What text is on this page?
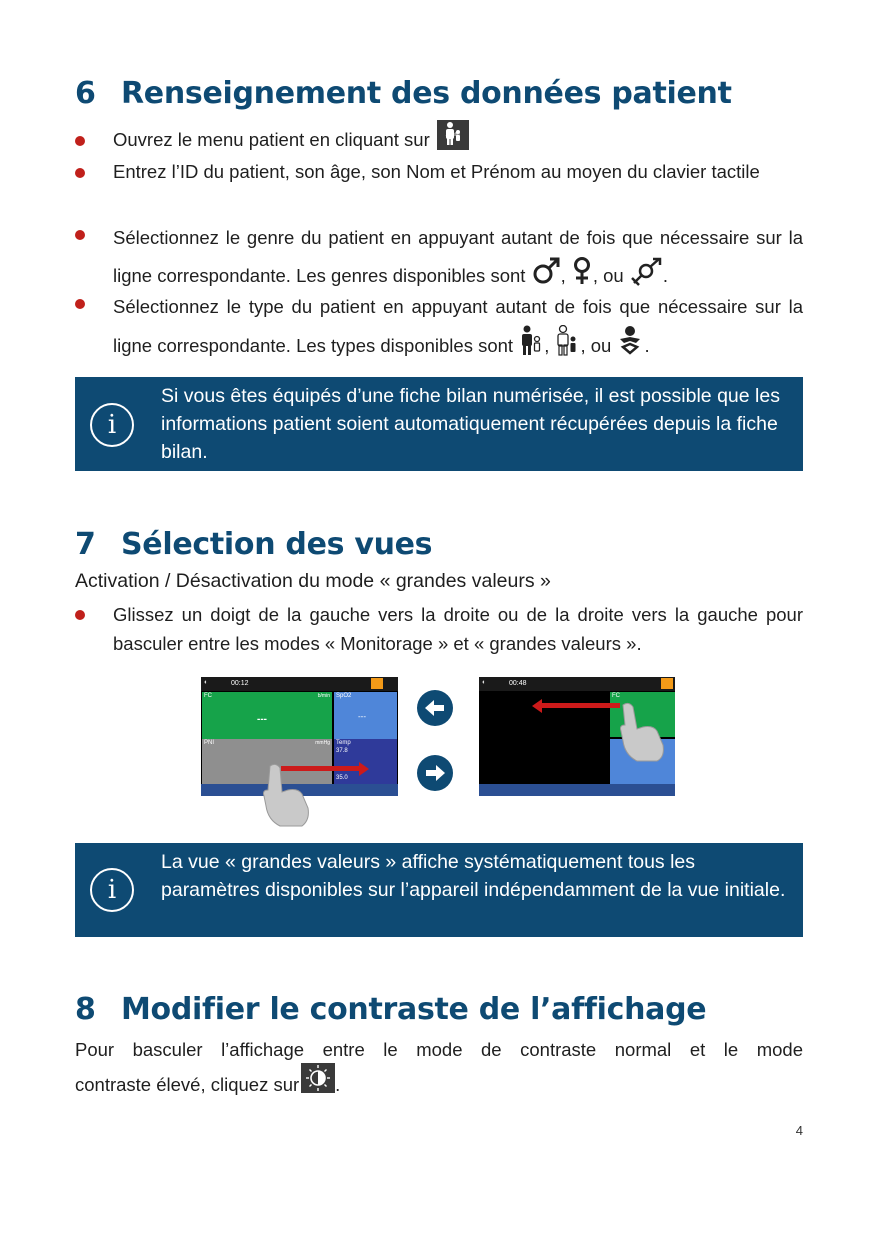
6 Renseignement des données patient
Ouvrez le menu patient en cliquant sur	Adulte
Entrez l’ID du patient, son âge, son Nom et Prénom au moyen du clavier tactile
Sélectionnez le genre du patient en appuyant autant de fois que nécessaire sur la ligne correspondante. Les genres disponibles sont , , ou .
Sélectionnez le type du patient en appuyant autant de fois que nécessaire sur la ligne correspondante. Les types disponibles sont , , ou .
i
Si vous êtes équipés d’une fiche bilan numérisée, il est possible que les informations patient soient automatiquement récupérées depuis la fiche bilan.
7 Sélection des vues
Activation / Désactivation du mode « grandes valeurs »
Glissez un doigt de la gauche vers la droite ou de la droite vers la gauche pour basculer entre les modes « Monitorage » et « grandes valeurs ».
◐	00:12
FC	b/min
---
SpO2
---
PNI	mmHg Temp
37.8
35.0
◐	00:48
FC
i
La vue « grandes valeurs » affiche systématiquement tous les paramètres disponibles sur l’appareil indépendamment de la vue initiale.
8 Modifier le contraste de l’affichage
Pour basculer l’affichage entre le mode de contraste normal et le mode
contraste élevé, cliquez sur .
4
